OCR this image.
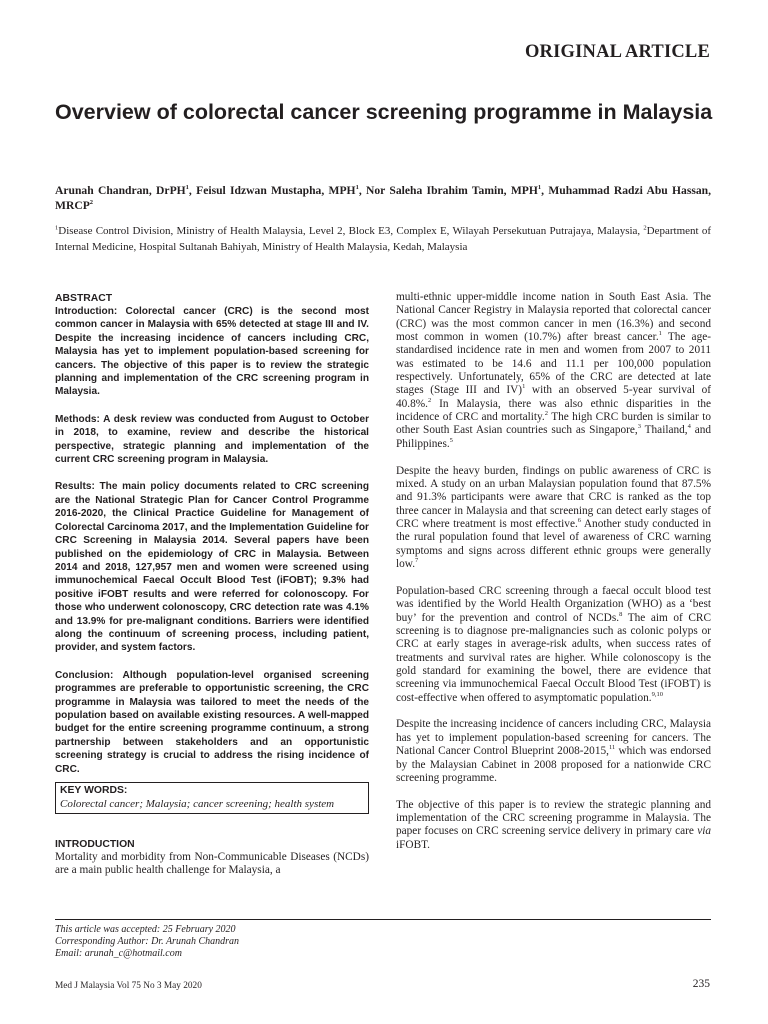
ORIGINAL ARTICLE
Overview of colorectal cancer screening programme in Malaysia
Arunah Chandran, DrPH$^1$, Feisul Idzwan Mustapha, MPH$^1$, Nor Saleha Ibrahim Tamin, MPH$^1$, Muhammad Radzi Abu Hassan, MRCP$^2$
$^1$Disease Control Division, Ministry of Health Malaysia, Level 2, Block E3, Complex E, Wilayah Persekutuan Putrajaya, Malaysia, $^2$Department of Internal Medicine, Hospital Sultanah Bahiyah, Ministry of Health Malaysia, Kedah, Malaysia
ABSTRACT

Introduction: Colorectal cancer (CRC) is the second most common cancer in Malaysia with 65% detected at stage III and IV. Despite the increasing incidence of cancers including CRC, Malaysia has yet to implement population-based screening for cancers. The objective of this paper is to review the strategic planning and implementation of the CRC screening program in Malaysia.

Methods: A desk review was conducted from August to October in 2018, to examine, review and describe the historical perspective, strategic planning and implementation of the current CRC screening program in Malaysia.

Results: The main policy documents related to CRC screening are the National Strategic Plan for Cancer Control Programme 2016-2020, the Clinical Practice Guideline for Management of Colorectal Carcinoma 2017, and the Implementation Guideline for CRC Screening in Malaysia 2014. Several papers have been published on the epidemiology of CRC in Malaysia. Between 2014 and 2018, 127,957 men and women were screened using immunochemical Faecal Occult Blood Test (iFOBT); 9.3% had positive iFOBT results and were referred for colonoscopy. For those who underwent colonoscopy, CRC detection rate was 4.1% and 13.9% for pre-malignant conditions. Barriers were identified along the continuum of screening process, including patient, provider, and system factors.

Conclusion: Although population-level organised screening programmes are preferable to opportunistic screening, the CRC programme in Malaysia was tailored to meet the needs of the population based on available existing resources. A well-mapped budget for the entire screening programme continuum, a strong partnership between stakeholders and an opportunistic screening strategy is crucial to address the rising incidence of CRC.

KEY WORDS:
Colorectal cancer; Malaysia; cancer screening; health system
INTRODUCTION

Mortality and morbidity from Non-Communicable Diseases (NCDs) are a main public health challenge for Malaysia, a

multi-ethnic upper-middle income nation in South East Asia. The National Cancer Registry in Malaysia reported that colorectal cancer (CRC) was the most common cancer in men (16.3%) and second most common in women (10.7%) after breast cancer.$^1$ The age-standardised incidence rate in men and women from 2007 to 2011 was estimated to be 14.6 and 11.1 per 100,000 population respectively. Unfortunately, 65% of the CRC are detected at late stages (Stage III and IV)$^1$ with an observed 5-year survival of 40.8%.$^2$ In Malaysia, there was also ethnic disparities in the incidence of CRC and mortality.$^2$ The high CRC burden is similar to other South East Asian countries such as Singapore,$^3$ Thailand,$^4$ and Philippines.$^5$

Despite the heavy burden, findings on public awareness of CRC is mixed. A study on an urban Malaysian population found that 87.5% and 91.3% participants were aware that CRC is ranked as the top three cancer in Malaysia and that screening can detect early stages of CRC where treatment is most effective.$^6$ Another study conducted in the rural population found that level of awareness of CRC warning symptoms and signs across different ethnic groups were generally low.$^7$

Population-based CRC screening through a faecal occult blood test was identified by the World Health Organization (WHO) as a ‘best buy’ for the prevention and control of NCDs.$^8$ The aim of CRC screening is to diagnose pre-malignancies such as colonic polyps or CRC at early stages in average-risk adults, when success rates of treatments and survival rates are higher. While colonoscopy is the gold standard for examining the bowel, there are evidence that screening via immunochemical Faecal Occult Blood Test (iFOBT) is cost-effective when offered to asymptomatic population.$^{9,10}$

Despite the increasing incidence of cancers including CRC, Malaysia has yet to implement population-based screening for cancers. The National Cancer Control Blueprint 2008-2015,11 which was endorsed by the Malaysian Cabinet in 2008 proposed for a nationwide CRC screening programme.

The objective of this paper is to review the strategic planning and implementation of the CRC screening programme in Malaysia. The paper focuses on CRC screening service delivery in primary care via iFOBT.

This article was accepted: 25 February 2020
Corresponding Author: Dr. Arunah Chandran
Email: arunah_c@hotmail.com
Med J Malaysia Vol 75 No 3 May 2020	235
